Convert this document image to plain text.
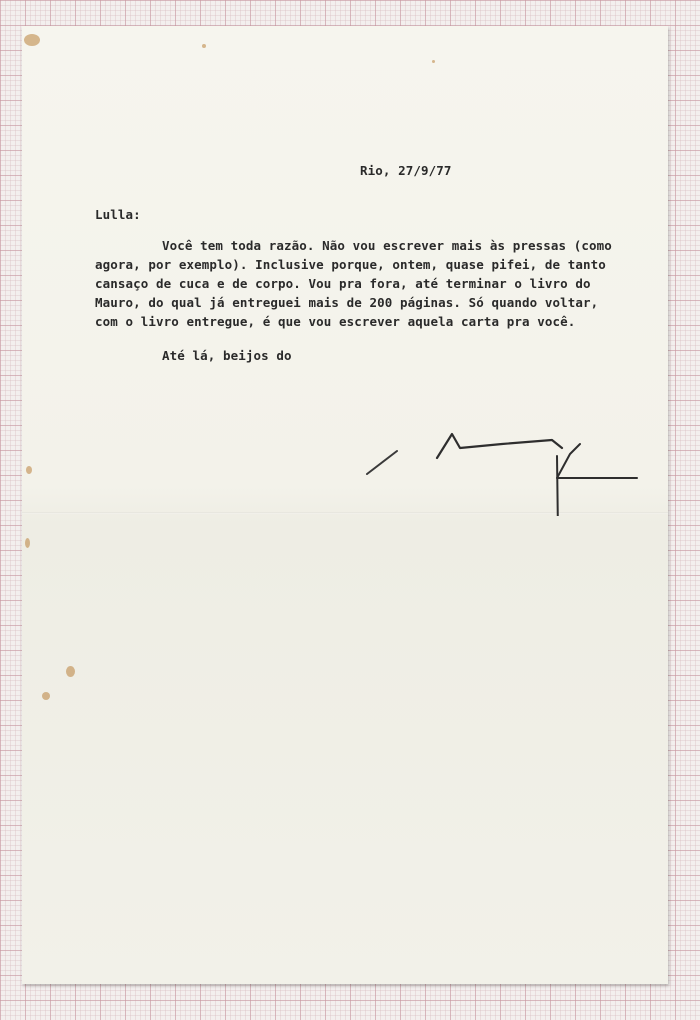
Rio, 27/9/77
Lulla:
Você tem toda razão. Não vou escrever mais às pressas (como
agora, por exemplo). Inclusive porque, ontem, quase pifei, de tanto
cansaço de cuca e de corpo. Vou pra fora, até terminar o livro do
Mauro, do qual já entreguei mais de 200 páginas. Só quando voltar,
com o livro entregue, é que vou escrever aquela carta pra você.
Até lá, beijos do
